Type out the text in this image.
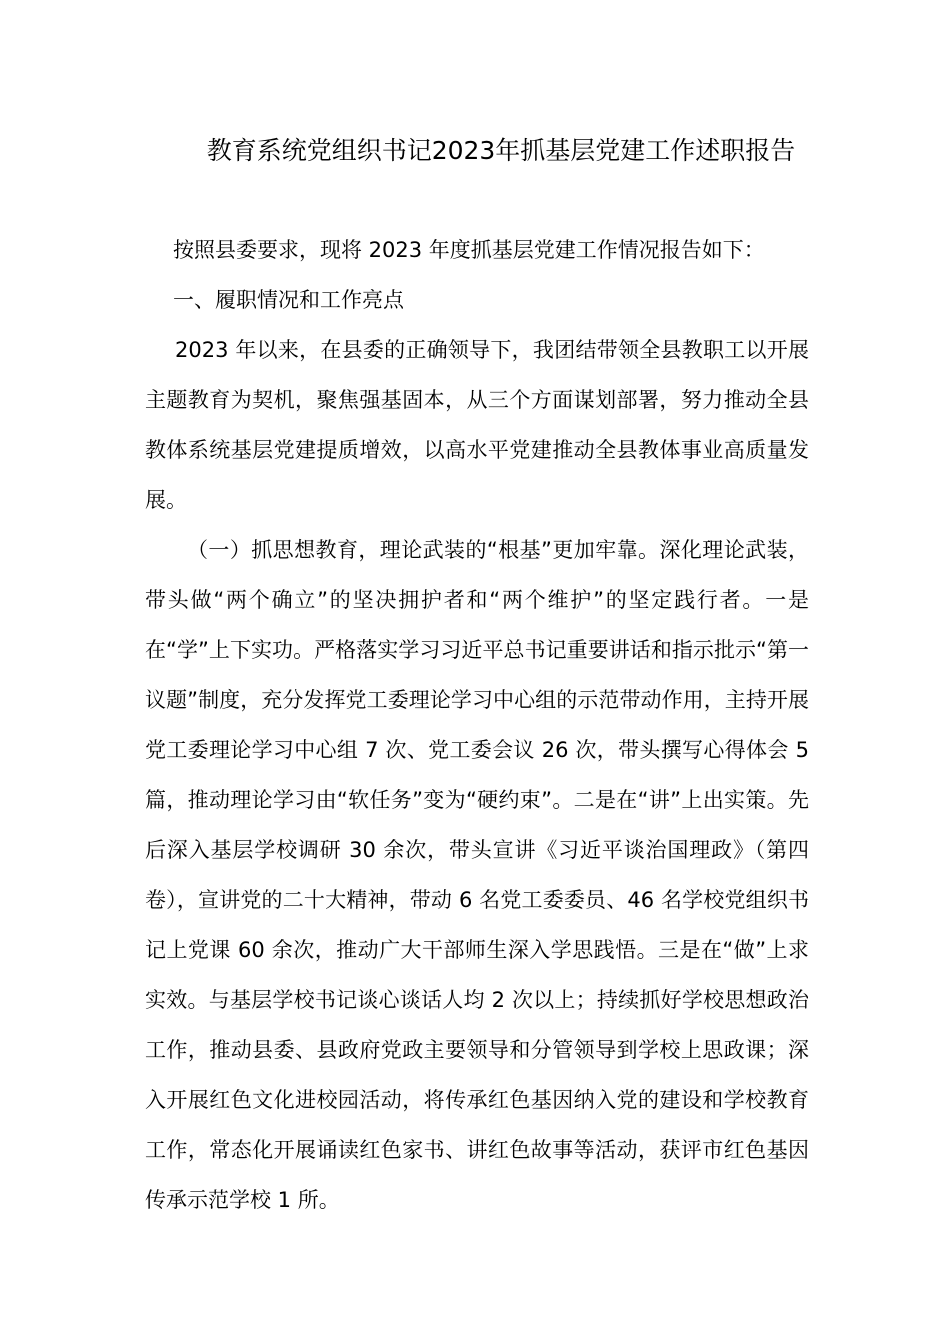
教育系统党组织书记2023年抓基层党建工作述职报告

按照县委要求，现将 2023 年度抓基层党建工作情况报告如下：

一、履职情况和工作亮点

2023 年以来，在县委的正确领导下，我团结带领全县教职工以开展主题教育为契机，聚焦强基固本，从三个方面谋划部署，努力推动全县教体系统基层党建提质增效，以高水平党建推动全县教体事业高质量发展。

（一）抓思想教育，理论武装的“根基”更加牢靠。深化理论武装，带头做“两个确立”的坚决拥护者和“两个维护”的坚定践行者。一是在“学”上下实功。严格落实学习习近平总书记重要讲话和指示批示“第一议题”制度，充分发挥党工委理论学习中心组的示范带动作用，主持开展党工委理论学习中心组 7 次、党工委会议 26 次，带头撰写心得体会 5 篇，推动理论学习由“软任务”变为“硬约束”。二是在“讲”上出实策。先后深入基层学校调研 30 余次，带头宣讲《习近平谈治国理政》（第四卷），宣讲党的二十大精神，带动 6 名党工委委员、46 名学校党组织书记上党课 60 余次，推动广大干部师生深入学思践悟。三是在“做”上求实效。与基层学校书记谈心谈话人均 2 次以上；持续抓好学校思想政治工作，推动县委、县政府党政主要领导和分管领导到学校上思政课；深入开展红色文化进校园活动，将传承红色基因纳入党的建设和学校教育工作，常态化开展诵读红色家书、讲红色故事等活动，获评市红色基因传承示范学校 1 所。
